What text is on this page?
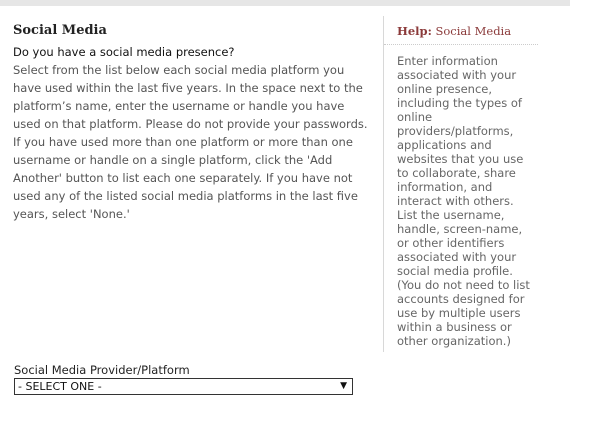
Social Media
Do you have a social media presence?
Select from the list below each social media platform you have used within the last five years. In the space next to the platform’s name, enter the username or handle you have used on that platform. Please do not provide your passwords. If you have used more than one platform or more than one username or handle on a single platform, click the 'Add Another' button to list each one separately. If you have not used any of the listed social media platforms in the last five years, select 'None.'
Help: Social Media
Enter information associated with your online presence, including the types of online providers/platforms, applications and websites that you use to collaborate, share information, and interact with others. List the username, handle, screen-name, or other identifiers associated with your social media profile. (You do not need to list accounts designed for use by multiple users within a business or other organization.)
Social Media Provider/Platform
- SELECT ONE -	▼
